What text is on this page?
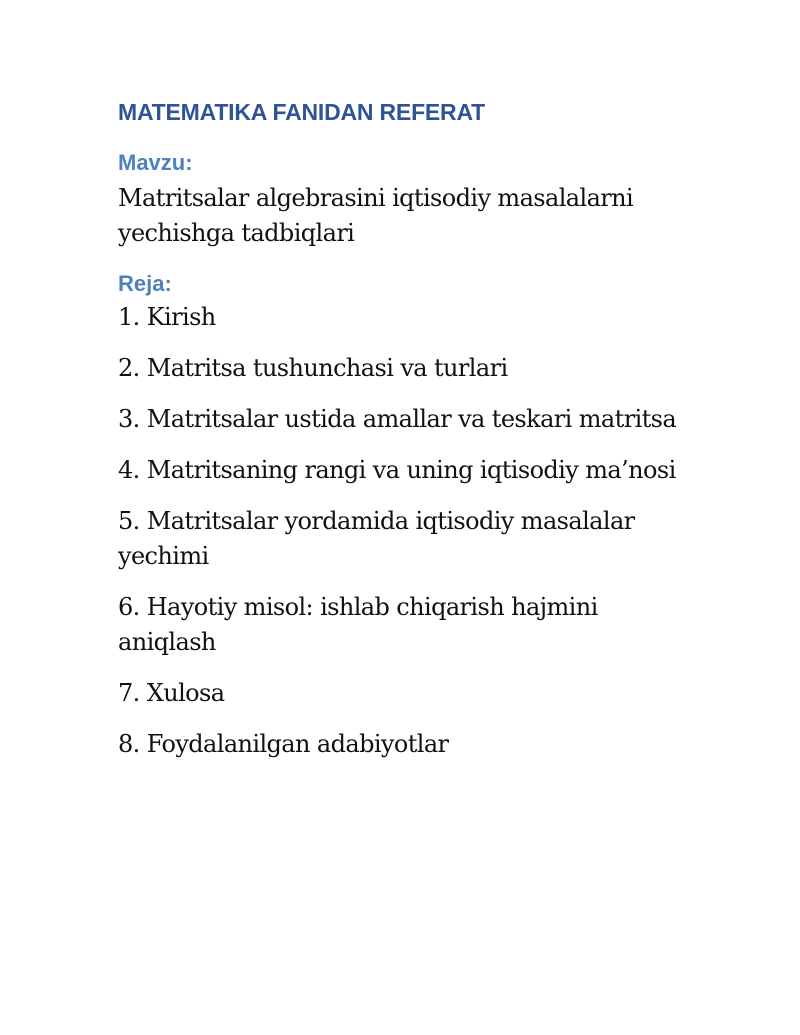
MATEMATIKA FANIDAN REFERAT
Mavzu:

Matritsalar algebrasini iqtisodiy masalalarni yechishga tadbiqlari

Reja:
1. Kirish
2. Matritsa tushunchasi va turlari
3. Matritsalar ustida amallar va teskari matritsa
4. Matritsaning rangi va uning iqtisodiy ma’nosi
5. Matritsalar yordamida iqtisodiy masalalar yechimi
6. Hayotiy misol: ishlab chiqarish hajmini aniqlash
7. Xulosa
8. Foydalanilgan adabiyotlar
